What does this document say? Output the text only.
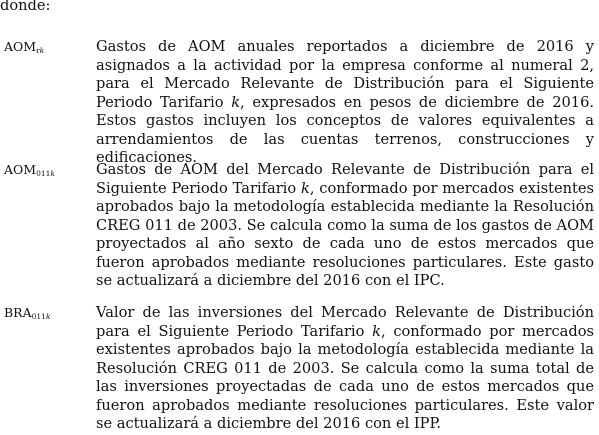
donde:
$AOM_{rk}$	Gastos de AOM anuales reportados a diciembre de 2016 y asignados a la actividad por la empresa conforme al numeral 2, para el Mercado Relevante de Distribución para el Siguiente Periodo Tarifario k, expresados en pesos de diciembre de 2016. Estos gastos incluyen los conceptos de valores equivalentes a arrendamientos de las cuentas terrenos, construcciones y edificaciones.
$AOM_{011k}$	Gastos de AOM del Mercado Relevante de Distribución para el Siguiente Periodo Tarifario k, conformado por mercados existentes aprobados bajo la metodología establecida mediante la Resolución CREG 011 de 2003. Se calcula como la suma de los gastos de AOM proyectados al año sexto de cada uno de estos mercados que fueron aprobados mediante resoluciones particulares. Este gasto se actualizará a diciembre del 2016 con el IPC.
$BRA_{011k}$	Valor de las inversiones del Mercado Relevante de Distribución para el Siguiente Periodo Tarifario k, conformado por mercados existentes aprobados bajo la metodología establecida mediante la Resolución CREG 011 de 2003. Se calcula como la suma total de las inversiones proyectadas de cada uno de estos mercados que fueron aprobados mediante resoluciones particulares. Este valor se actualizará a diciembre del 2016 con el IPP.
